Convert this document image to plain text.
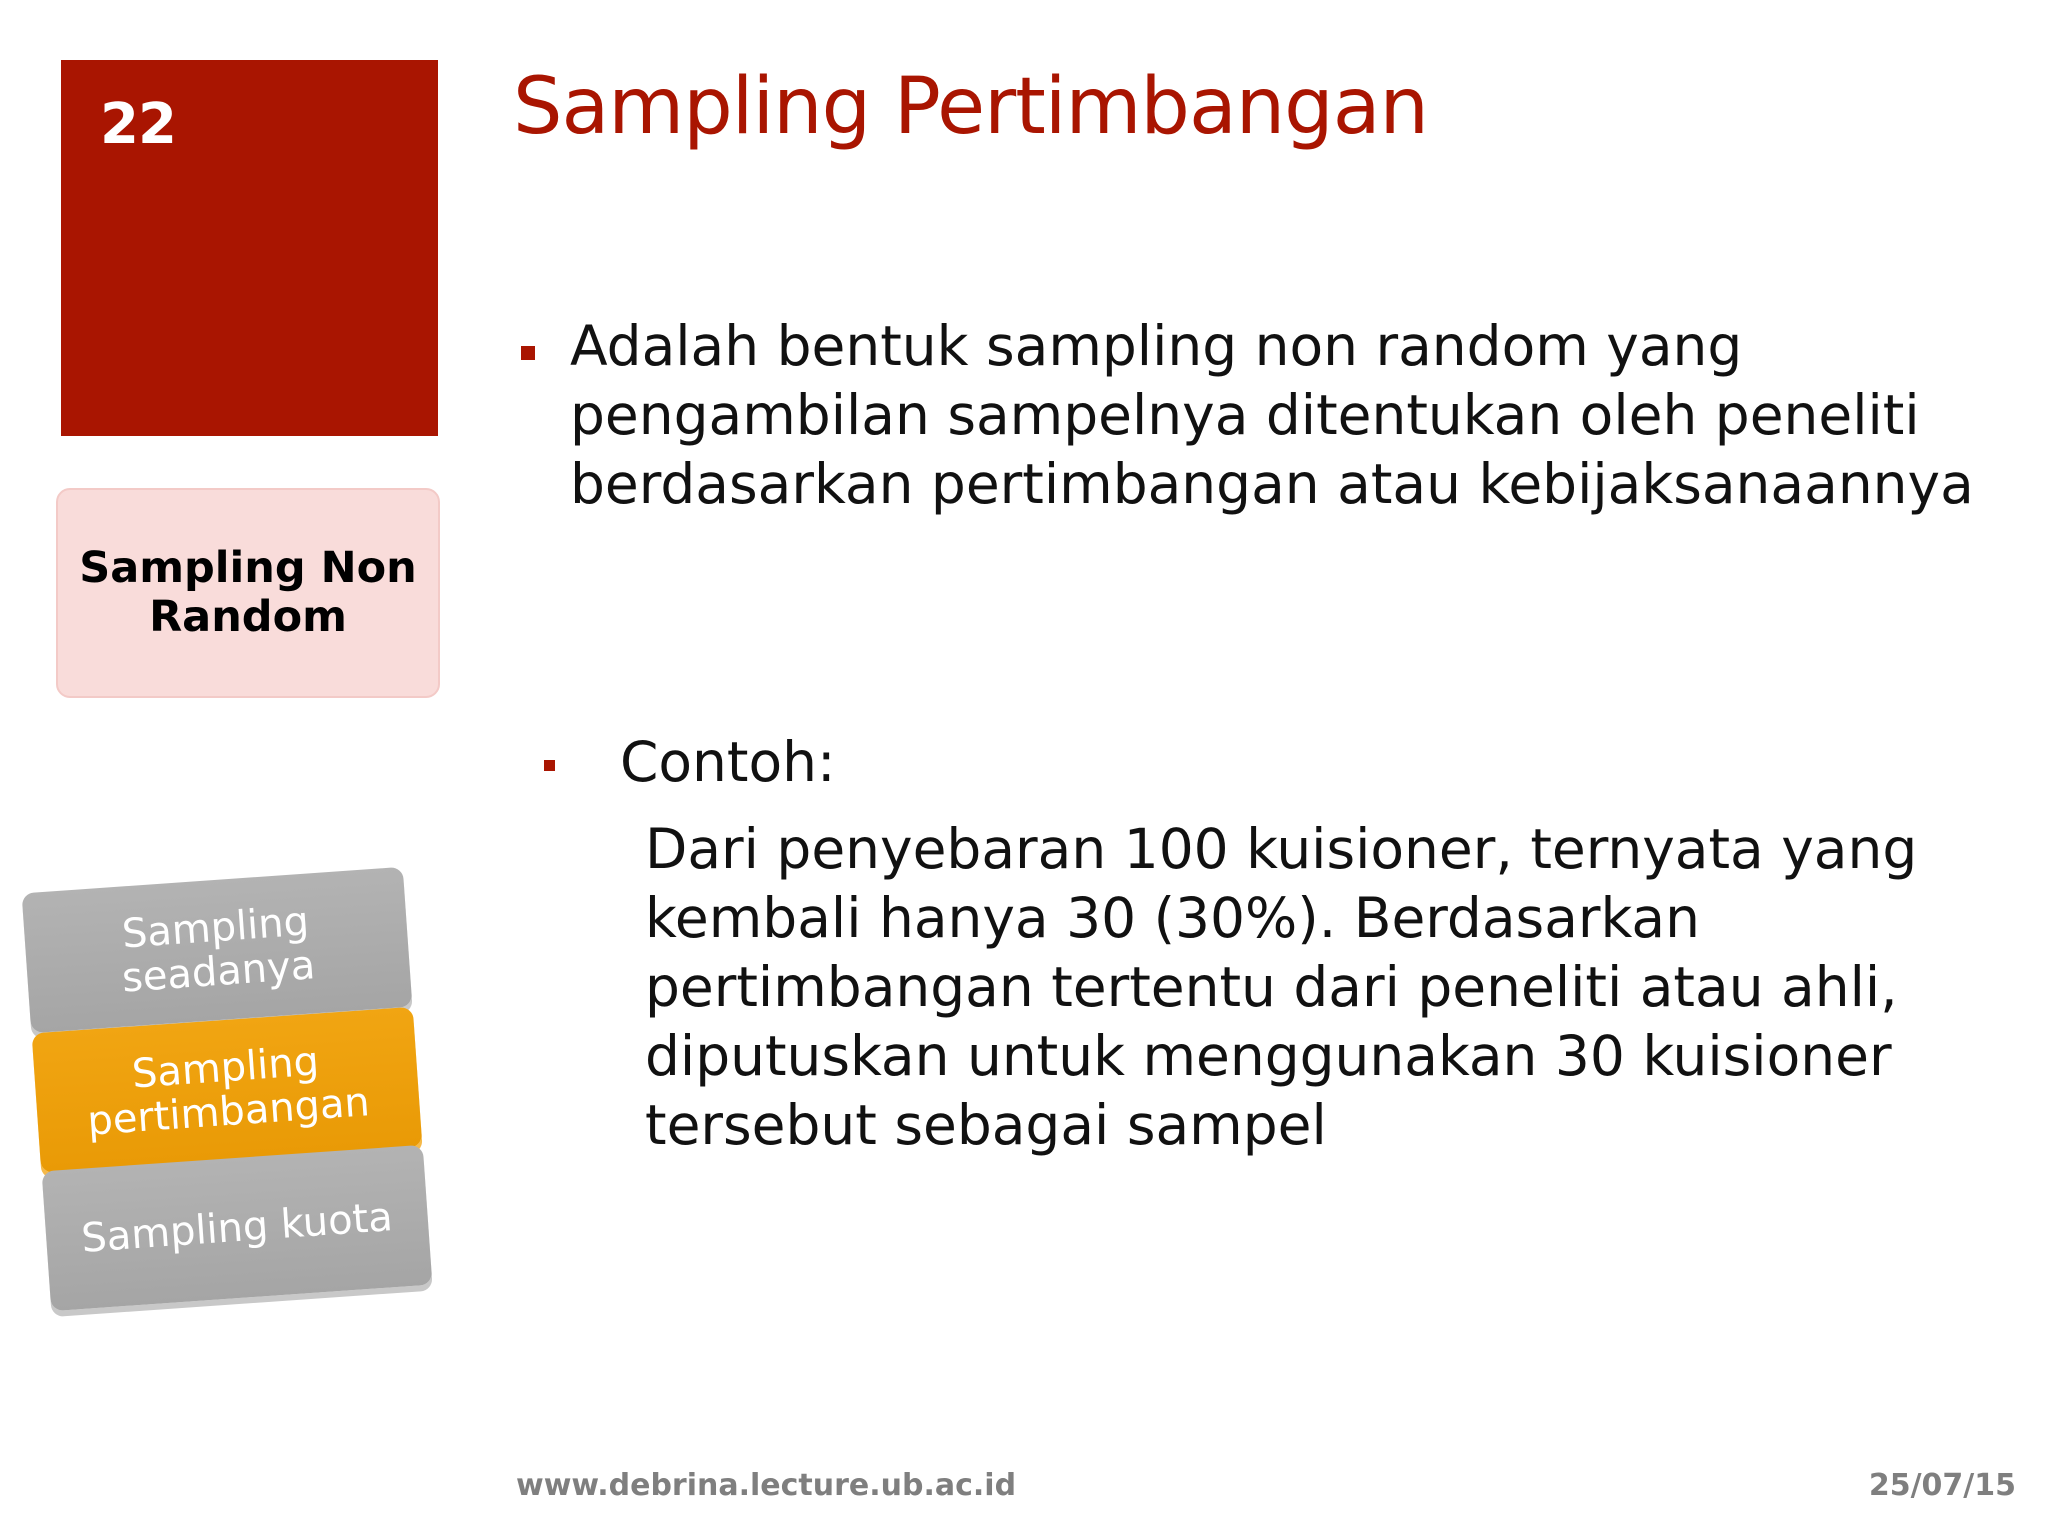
22
Sampling Non Random
Sampling Pertimbangan

Adalah bentuk sampling non random yang pengambilan sampelnya ditentukan oleh peneliti berdasarkan pertimbangan atau kebijaksanaannya

Contoh:

Dari penyebaran 100 kuisioner, ternyata yang kembali hanya 30 (30%). Berdasarkan pertimbangan tertentu dari peneliti atau ahli, diputuskan untuk menggunakan 30 kuisioner tersebut sebagai sampel

Sampling seadanya
Sampling pertimbangan
Sampling kuota
www.debrina.lecture.ub.ac.id	25/07/15
